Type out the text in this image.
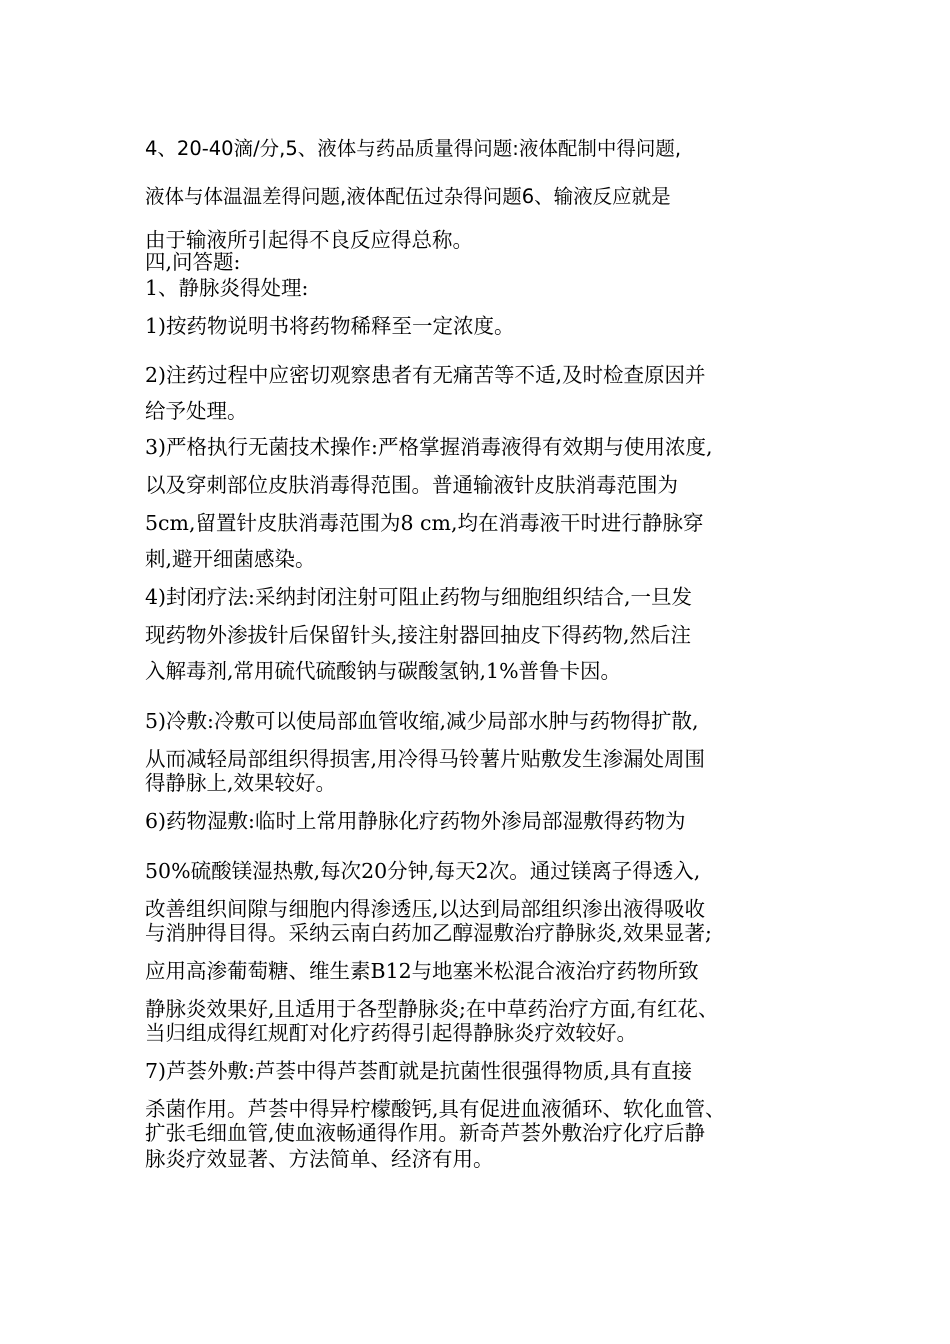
4、20-40滴/分,5、液体与药品质量得问题:液体配制中得问题,
液体与体温温差得问题,液体配伍过杂得问题6、输液反应就是
由于输液所引起得不良反应得总称。
四,问答题:
1、静脉炎得处理:
1)按药物说明书将药物稀释至一定浓度。
2)注药过程中应密切观察患者有无痛苦等不适,及时检查原因并
给予处理。
3)严格执行无菌技术操作:严格掌握消毒液得有效期与使用浓度,
以及穿刺部位皮肤消毒得范围。普通输液针皮肤消毒范围为
5cm,留置针皮肤消毒范围为8 cm,均在消毒液干时进行静脉穿
刺,避开细菌感染。
4)封闭疗法:采纳封闭注射可阻止药物与细胞组织结合,一旦发
现药物外渗拔针后保留针头,接注射器回抽皮下得药物,然后注
入解毒剂,常用硫代硫酸钠与碳酸氢钠,1%普鲁卡因。
5)冷敷:冷敷可以使局部血管收缩,减少局部水肿与药物得扩散,
从而减轻局部组织得损害,用冷得马铃薯片贴敷发生渗漏处周围
得静脉上,效果较好。
6)药物湿敷:临时上常用静脉化疗药物外渗局部湿敷得药物为
50%硫酸镁湿热敷,每次20分钟,每天2次。通过镁离子得透入,
改善组织间隙与细胞内得渗透压,以达到局部组织渗出液得吸收
与消肿得目得。采纳云南白药加乙醇湿敷治疗静脉炎,效果显著;
应用高渗葡萄糖、维生素B12与地塞米松混合液治疗药物所致
静脉炎效果好,且适用于各型静脉炎;在中草药治疗方面,有红花、
当归组成得红规酊对化疗药得引起得静脉炎疗效较好。
7)芦荟外敷:芦荟中得芦荟酊就是抗菌性很强得物质,具有直接
杀菌作用。芦荟中得异柠檬酸钙,具有促进血液循环、软化血管、
扩张毛细血管,使血液畅通得作用。新奇芦荟外敷治疗化疗后静
脉炎疗效显著、方法简单、经济有用。
